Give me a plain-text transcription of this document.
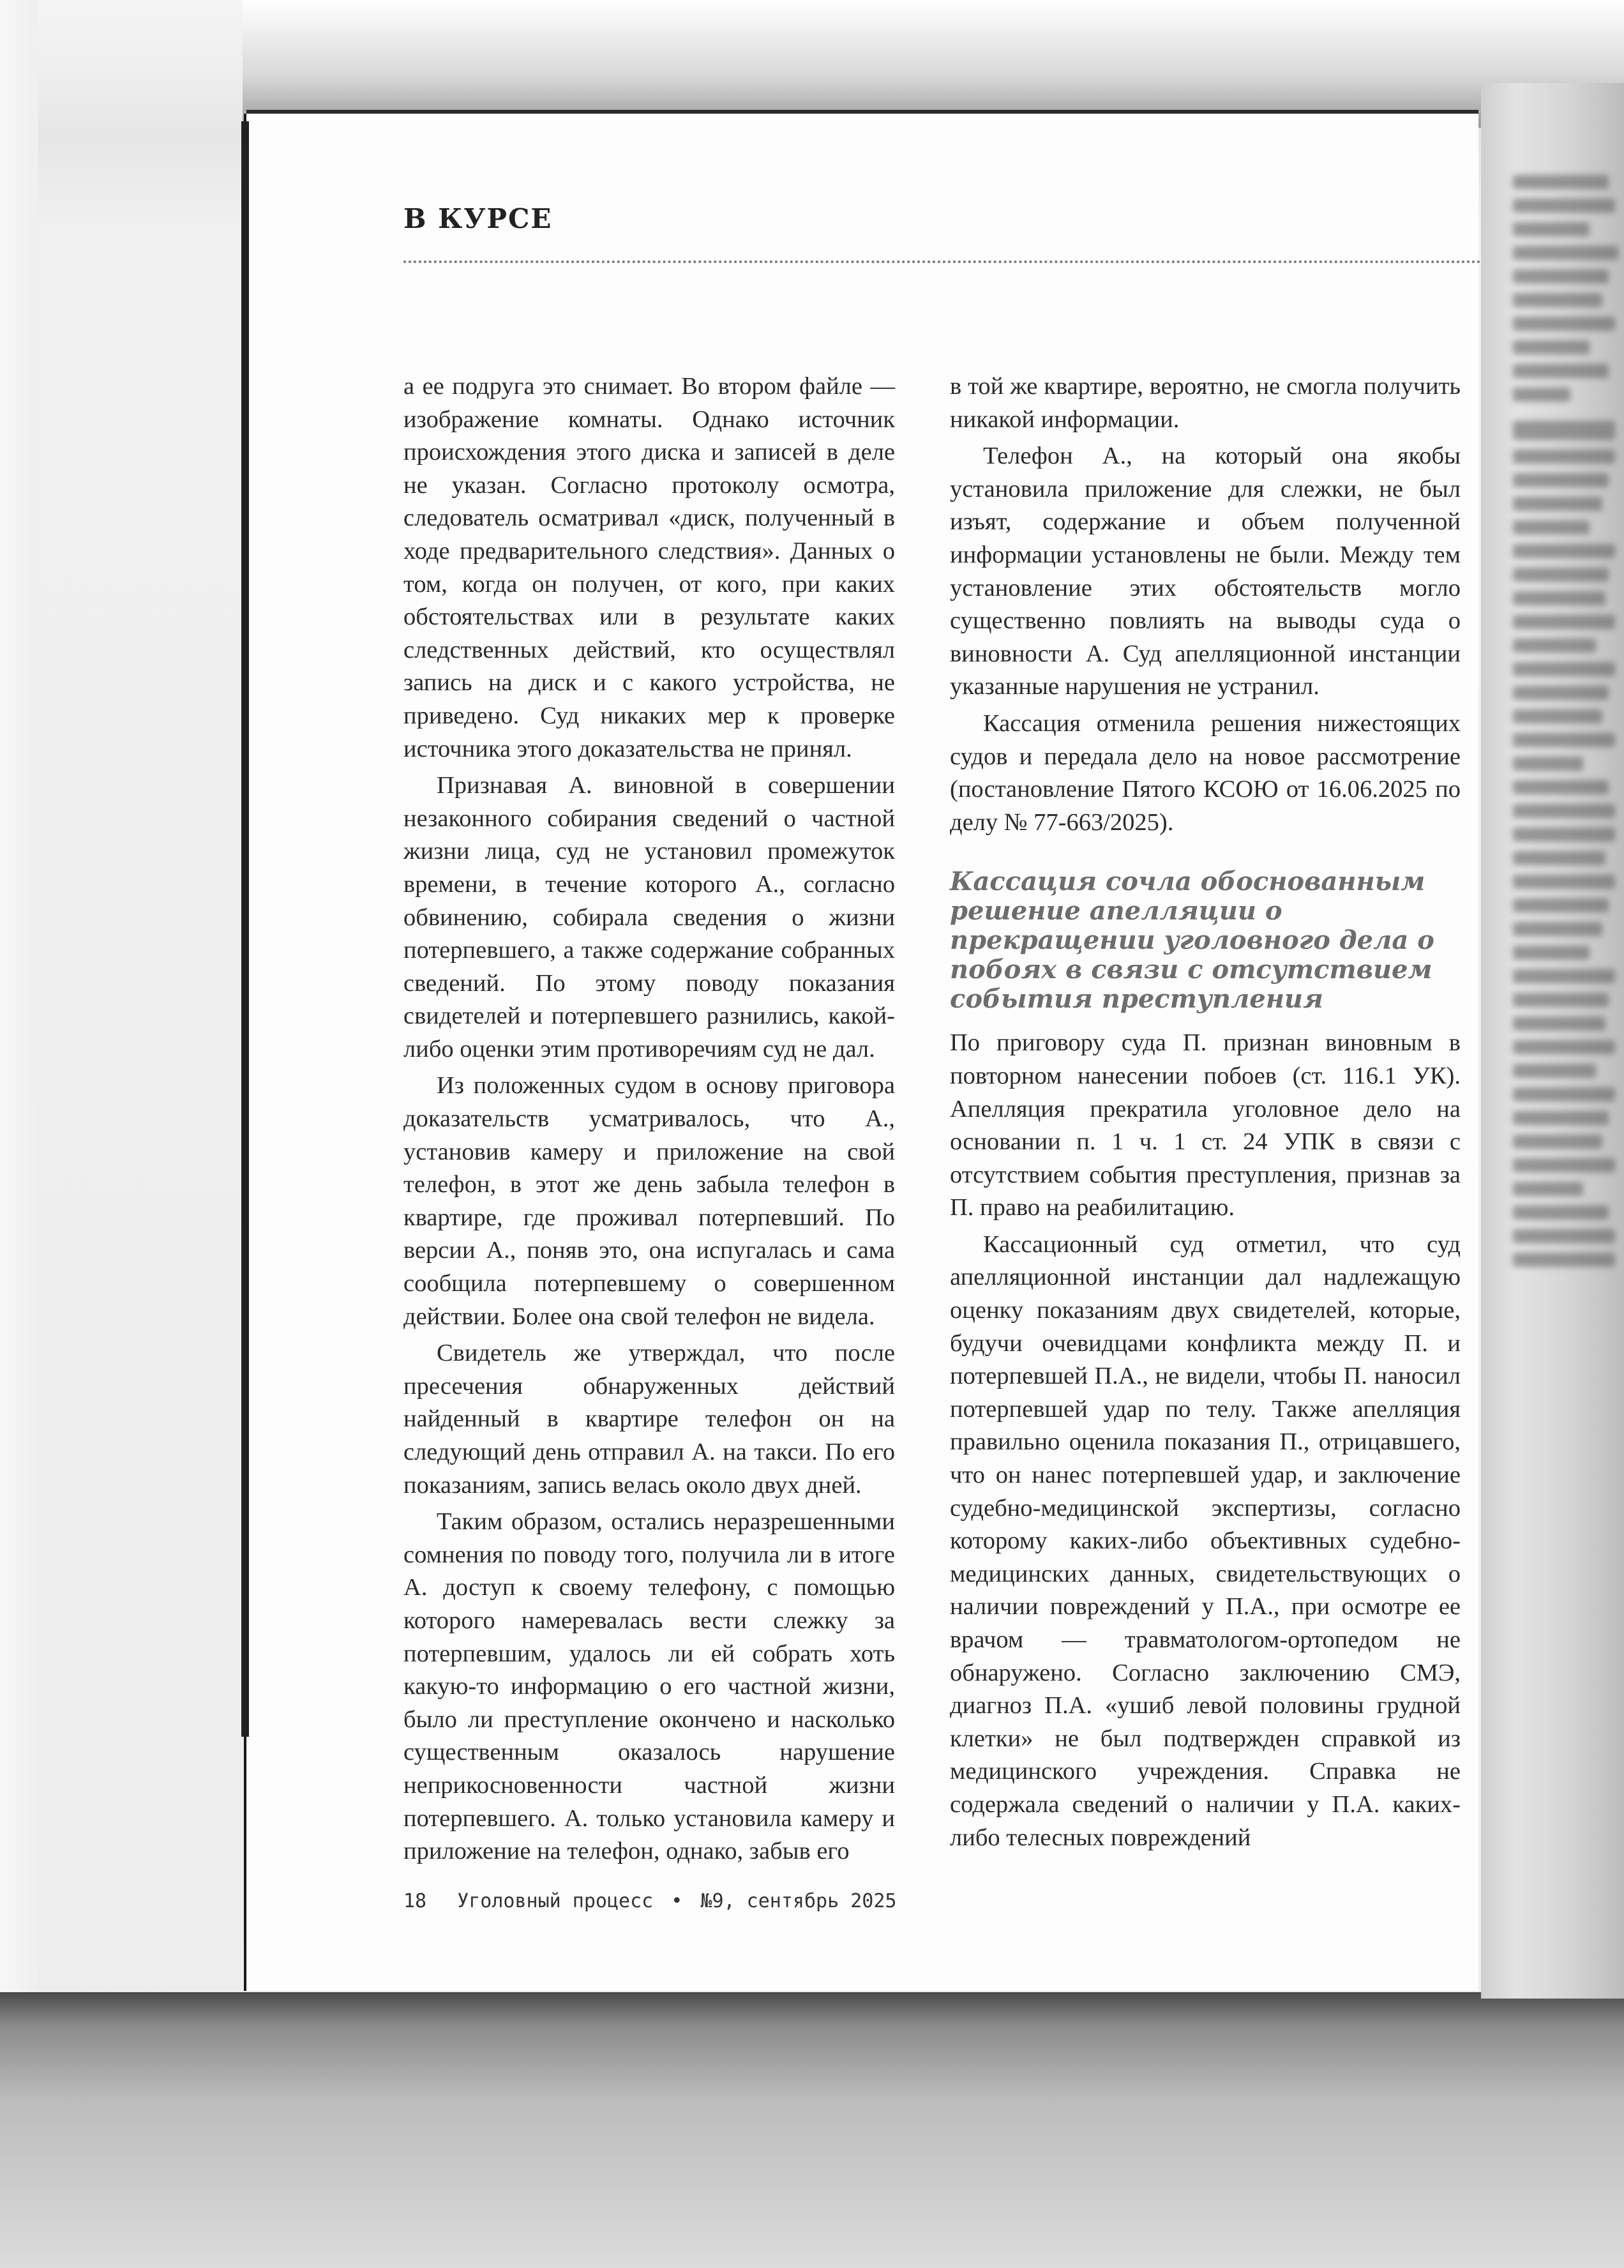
В КУРСЕ

а ее подруга это снимает. Во втором файле — изображение комнаты. Однако источник происхождения этого диска и записей в деле не указан. Согласно протоколу осмотра, следователь осматривал «диск, полученный в ходе предварительного следствия». Данных о том, когда он получен, от кого, при каких обстоятельствах или в результате каких следственных действий, кто осуществлял запись на диск и с какого устройства, не приведено. Суд никаких мер к проверке источника этого доказательства не принял.

Признавая А. виновной в совершении незаконного собирания сведений о частной жизни лица, суд не установил промежуток времени, в течение которого А., согласно обвинению, собирала сведения о жизни потерпевшего, а также содержание собранных сведений. По этому поводу показания свидетелей и потерпевшего разнились, какой-либо оценки этим противоречиям суд не дал.

Из положенных судом в основу приговора доказательств усматривалось, что А., установив камеру и приложение на свой телефон, в этот же день забыла телефон в квартире, где проживал потерпевший. По версии А., поняв это, она испугалась и сама сообщила потерпевшему о совершенном действии. Более она свой телефон не видела.

Свидетель же утверждал, что после пресечения обнаруженных действий найденный в квартире телефон он на следующий день отправил А. на такси. По его показаниям, запись велась около двух дней.

Таким образом, остались неразрешенными сомнения по поводу того, получила ли в итоге А. доступ к своему телефону, с помощью которого намеревалась вести слежку за потерпевшим, удалось ли ей собрать хоть какую-то информацию о его частной жизни, было ли преступление окончено и насколько существенным оказалось нарушение неприкосновенности частной жизни потерпевшего. А. только установила камеру и приложение на телефон, однако, забыв его

в той же квартире, вероятно, не смогла получить никакой информации.

Телефон А., на который она якобы установила приложение для слежки, не был изъят, содержание и объем полученной информации установлены не были. Между тем установление этих обстоятельств могло существенно повлиять на выводы суда о виновности А. Суд апелляционной инстанции указанные нарушения не устранил.

Кассация отменила решения нижестоящих судов и передала дело на новое рассмотрение (постановление Пятого КСОЮ от 16.06.2025 по делу № 77-663/2025).

Кассация сочла обоснованным решение апелляции о прекращении уголовного дела о побоях в связи с отсутствием события преступления

По приговору суда П. признан виновным в повторном нанесении побоев (ст. 116.1 УК). Апелляция прекратила уголовное дело на основании п. 1 ч. 1 ст. 24 УПК в связи с отсутствием события преступления, признав за П. право на реабилитацию.

Кассационный суд отметил, что суд апелляционной инстанции дал надлежащую оценку показаниям двух свидетелей, которые, будучи очевидцами конфликта между П. и потерпевшей П.А., не видели, чтобы П. наносил потерпевшей удар по телу. Также апелляция правильно оценила показания П., отрицавшего, что он нанес потерпевшей удар, и заключение судебно-медицинской экспертизы, согласно которому каких-либо объективных судебно-медицинских данных, свидетельствующих о наличии повреждений у П.А., при осмотре ее врачом — травматологом-ортопедом не обнаружено. Согласно заключению СМЭ, диагноз П.А. «ушиб левой половины грудной клетки» не был подтвержден справкой из медицинского учреждения. Справка не содержала сведений о наличии у П.А. каких-либо телесных повреждений

18 Уголовный процесс • №9, сентябрь 2025
